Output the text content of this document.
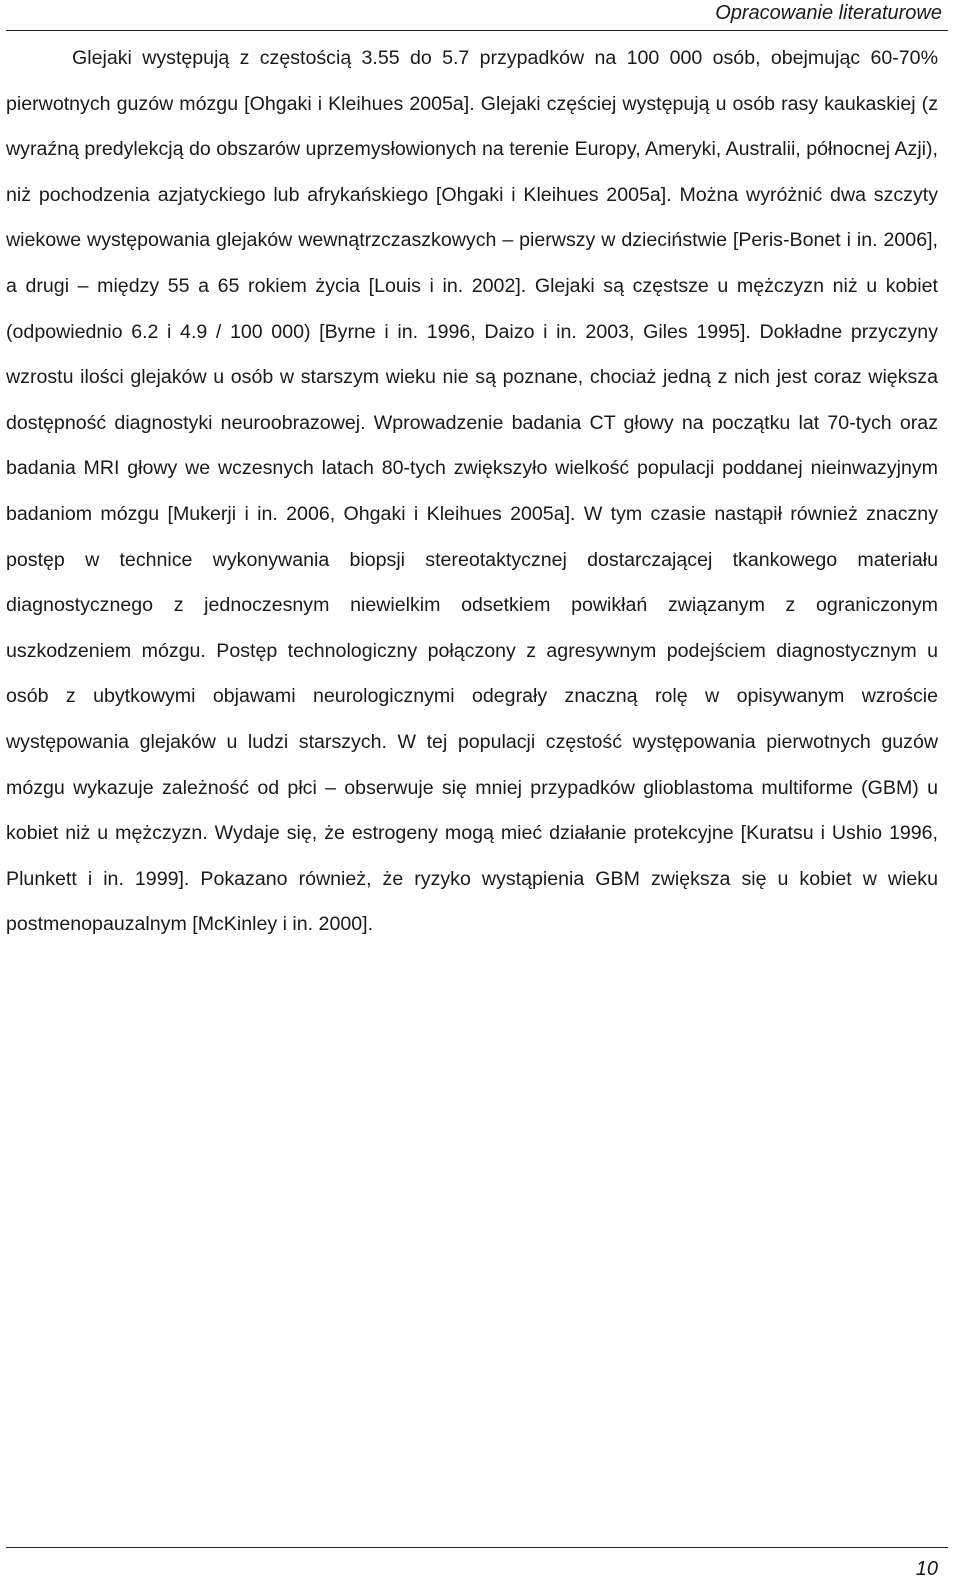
Opracowanie literaturowe

Glejaki występują z częstością 3.55 do 5.7 przypadków na 100 000 osób, obejmując 60-70% pierwotnych guzów mózgu [Ohgaki i Kleihues 2005a]. Glejaki częściej występują u osób rasy kaukaskiej (z wyraźną predylekcją do obszarów uprzemysłowionych na terenie Europy, Ameryki, Australii, północnej Azji), niż pochodzenia azjatyckiego lub afrykańskiego [Ohgaki i Kleihues 2005a]. Można wyróżnić dwa szczyty wiekowe występowania glejaków wewnątrzczaszkowych – pierwszy w dzieciństwie [Peris-Bonet i in. 2006], a drugi – między 55 a 65 rokiem życia [Louis i in. 2002]. Glejaki są częstsze u mężczyzn niż u kobiet (odpowiednio 6.2 i 4.9 / 100 000) [Byrne i in. 1996, Daizo i in. 2003, Giles 1995]. Dokładne przyczyny wzrostu ilości glejaków u osób w starszym wieku nie są poznane, chociaż jedną z nich jest coraz większa dostępność diagnostyki neuroobrazowej. Wprowadzenie badania CT głowy na początku lat 70-tych oraz badania MRI głowy we wczesnych latach 80-tych zwiększyło wielkość populacji poddanej nieinwazyjnym badaniom mózgu [Mukerji i in. 2006, Ohgaki i Kleihues 2005a]. W tym czasie nastąpił również znaczny postęp w technice wykonywania biopsji stereotaktycznej dostarczającej tkankowego materiału diagnostycznego z jednoczesnym niewielkim odsetkiem powikłań związanym z ograniczonym uszkodzeniem mózgu. Postęp technologiczny połączony z agresywnym podejściem diagnostycznym u osób z ubytkowymi objawami neurologicznymi odegrały znaczną rolę w opisywanym wzroście występowania glejaków u ludzi starszych. W tej populacji częstość występowania pierwotnych guzów mózgu wykazuje zależność od płci – obserwuje się mniej przypadków glioblastoma multiforme (GBM) u kobiet niż u mężczyzn. Wydaje się, że estrogeny mogą mieć działanie protekcyjne [Kuratsu i Ushio 1996, Plunkett i in. 1999]. Pokazano również, że ryzyko wystąpienia GBM zwiększa się u kobiet w wieku postmenopauzalnym [McKinley i in. 2000].

10
